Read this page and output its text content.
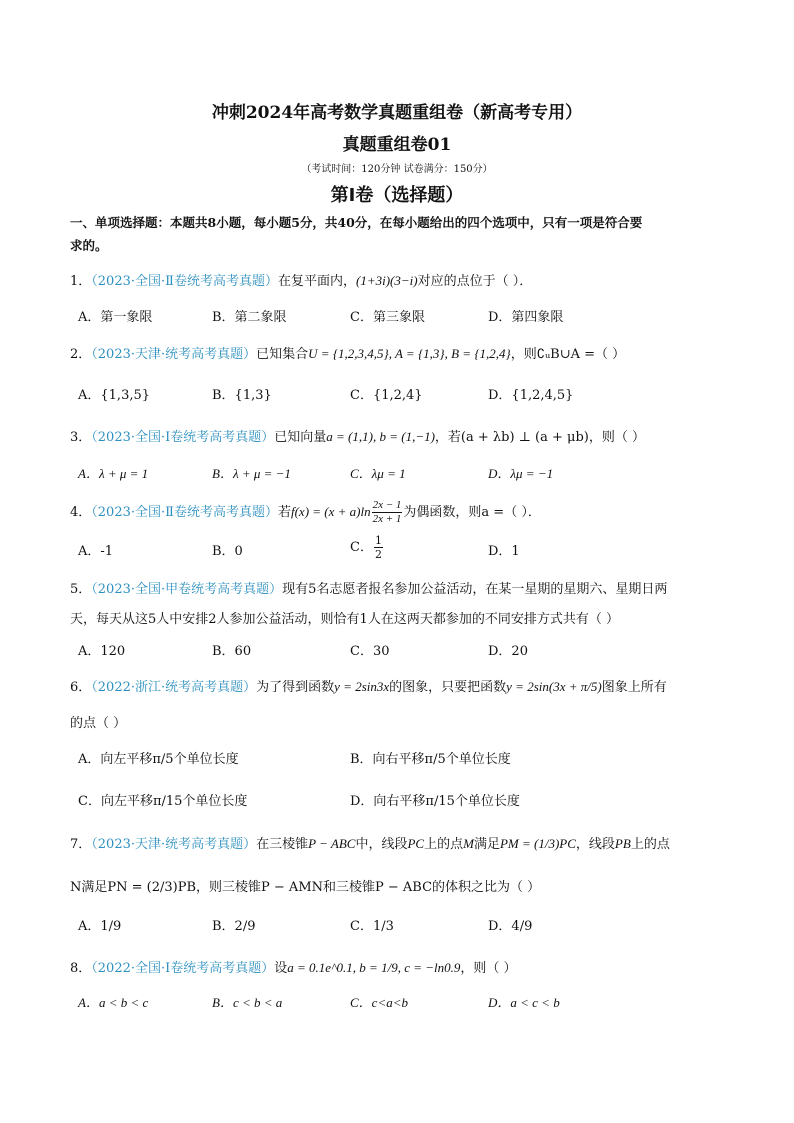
冲刺2024年高考数学真题重组卷（新高考专用）
真题重组卷01
（考试时间：120分钟 试卷满分：150分）
第I卷（选择题）
一、单项选择题：本题共8小题，每小题5分，共40分，在每小题给出的四个选项中，只有一项是符合要
求的。
1．（2023·全国·Ⅱ卷统考高考真题）在复平面内，(1+3i)(3−i)对应的点位于（ ）．
A．第一象限	B．第二象限	C．第三象限	D．第四象限
2．（2023·天津·统考高考真题）已知集合U = {1,2,3,4,5}, A = {1,3}, B = {1,2,4}，则∁ᵤB∪A =（ ）
A．{1,3,5}	B．{1,3}	C．{1,2,4}	D．{1,2,4,5}
3．（2023·全国·Ⅰ卷统考高考真题）已知向量a = (1,1), b = (1,−1)，若(a + λb) ⊥ (a + μb)，则（ ）
A．λ + μ = 1	B．λ + μ = −1	C．λμ = 1	D．λμ = −1
4．（2023·全国·Ⅱ卷统考高考真题）若$f(x) = (x + a)\ln \frac{2x - 1}{2x + 1}$ 为偶函数，则a =（ ）．
A．-1	B．0	C． $\frac{1}{2}$	D．1
5．（2023·全国·甲卷统考高考真题）现有5名志愿者报名参加公益活动，在某一星期的星期六、星期日两
天，每天从这5人中安排2人参加公益活动，则恰有1人在这两天都参加的不同安排方式共有（ ）
A．120	B．60	C．30	D．20
6．（2022·浙江·统考高考真题）为了得到函数y = 2sin3x的图象，只要把函数y = 2sin(3x + π/5)图象上所有
的点（ ）
A．向左平移π/5个单位长度	B．向右平移π/5个单位长度
C．向左平移π/15个单位长度	D．向右平移π/15个单位长度
7．（2023·天津·统考高考真题）在三棱锥P − ABC中，线段PC上的点M满足PM = (1/3)PC，线段PB上的点
N满足PN = (2/3)PB，则三棱锥P − AMN和三棱锥P − ABC的体积之比为（ ）
A．1/9	B．2/9	C．1/3	D．4/9
8．（2022·全国·Ⅰ卷统考高考真题）设a = 0.1e^0.1, b = 1/9, c = −ln0.9，则（ ）
A．a < b < c	B．c < b < a	C．c<a<b	D．a < c < b
